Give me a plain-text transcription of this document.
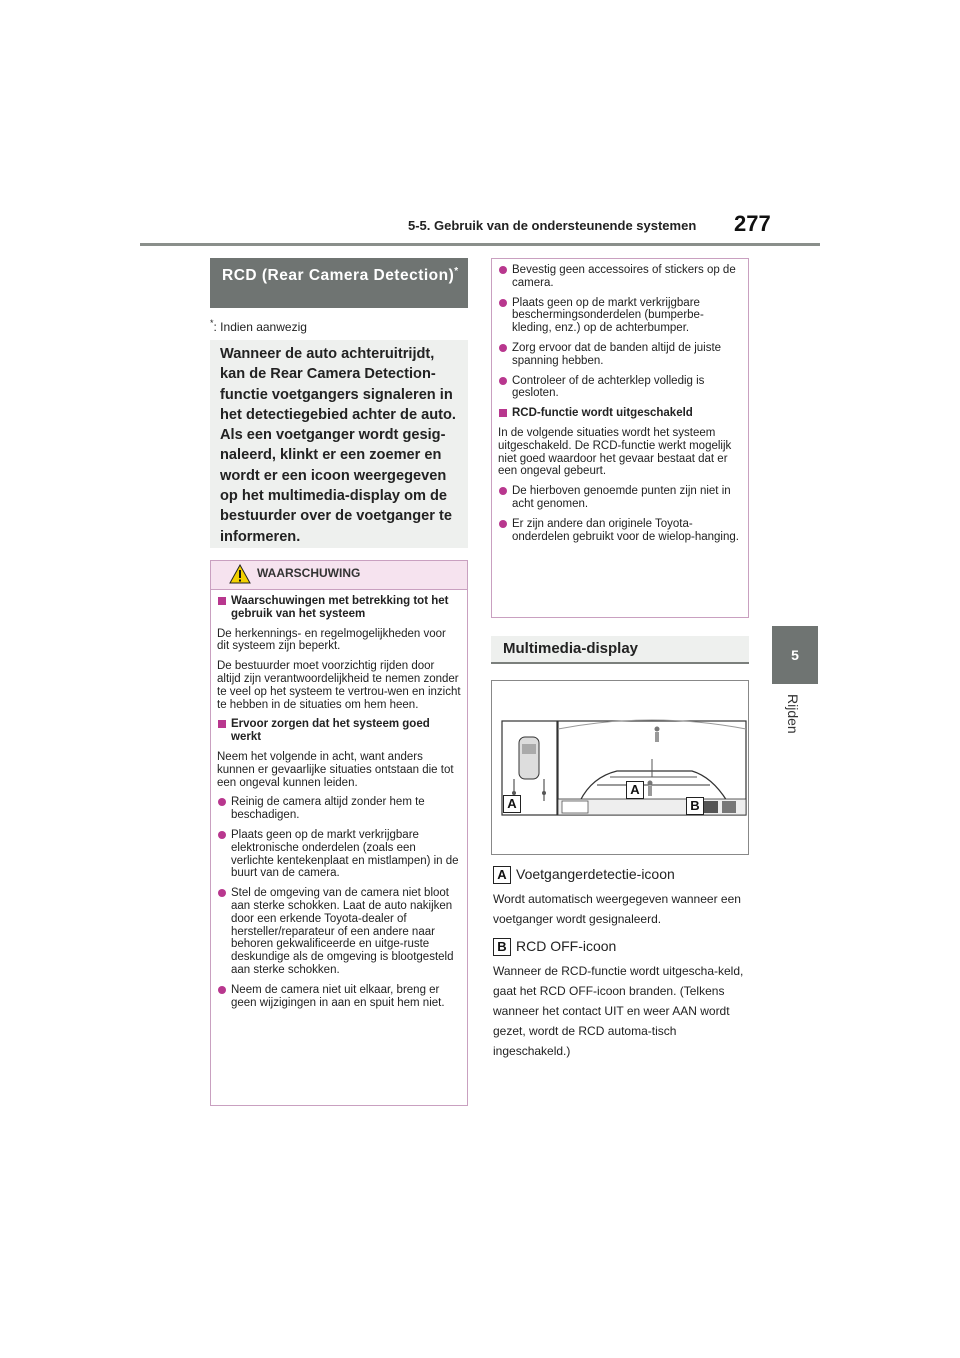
5-5. Gebruik van de ondersteunende systemen 277
5
Rijden
RCD (Rear Camera Detection)*
*: Indien aanwezig

Wanneer de auto achteruitrijdt, kan de Rear Camera Detection-functie voetgangers signaleren in het detectiegebied achter de auto. Als een voetganger wordt gesig-naleerd, klinkt er een zoemer en wordt er een icoon weergegeven op het multimedia-display om de bestuurder over de voetganger te informeren.

WAARSCHUWING
Waarschuwingen met betrekking tot het gebruik van het systeem
De herkennings- en regelmogelijkheden voor dit systeem zijn beperkt.
De bestuurder moet voorzichtig rijden door altijd zijn verantwoordelijkheid te nemen zonder te veel op het systeem te vertrou-wen en inzicht te hebben in de situaties om hem heen.
Ervoor zorgen dat het systeem goed werkt
Neem het volgende in acht, want anders kunnen er gevaarlijke situaties ontstaan die tot een ongeval kunnen leiden.
Reinig de camera altijd zonder hem te beschadigen.
Plaats geen op de markt verkrijgbare elektronische onderdelen (zoals een verlichte kentekenplaat en mistlampen) in de buurt van de camera.
Stel de omgeving van de camera niet bloot aan sterke schokken. Laat de auto nakijken door een erkende Toyota-dealer of hersteller/reparateur of een andere naar behoren gekwalificeerde en uitge-ruste deskundige als de omgeving is blootgesteld aan sterke schokken.
Neem de camera niet uit elkaar, breng er geen wijzigingen in aan en spuit hem niet.
Bevestig geen accessoires of stickers op de camera.
Plaats geen op de markt verkrijgbare beschermingsonderdelen (bumperbe-kleding, enz.) op de achterbumper.
Zorg ervoor dat de banden altijd de juiste spanning hebben.
Controleer of de achterklep volledig is gesloten.
RCD-functie wordt uitgeschakeld
In de volgende situaties wordt het systeem uitgeschakeld. De RCD-functie werkt mogelijk niet goed waardoor het gevaar bestaat dat er een ongeval gebeurt.
De hierboven genoemde punten zijn niet in acht genomen.
Er zijn andere dan originele Toyota-onderdelen gebruikt voor de wielop-hanging.
Multimedia-display
A
A
B
A Voetgangerdetectie-icoon
Wordt automatisch weergegeven wanneer een voetganger wordt gesignaleerd.
B RCD OFF-icoon
Wanneer de RCD-functie wordt uitgescha-keld, gaat het RCD OFF-icoon branden. (Telkens wanneer het contact UIT en weer AAN wordt gezet, wordt de RCD automa-tisch ingeschakeld.)
